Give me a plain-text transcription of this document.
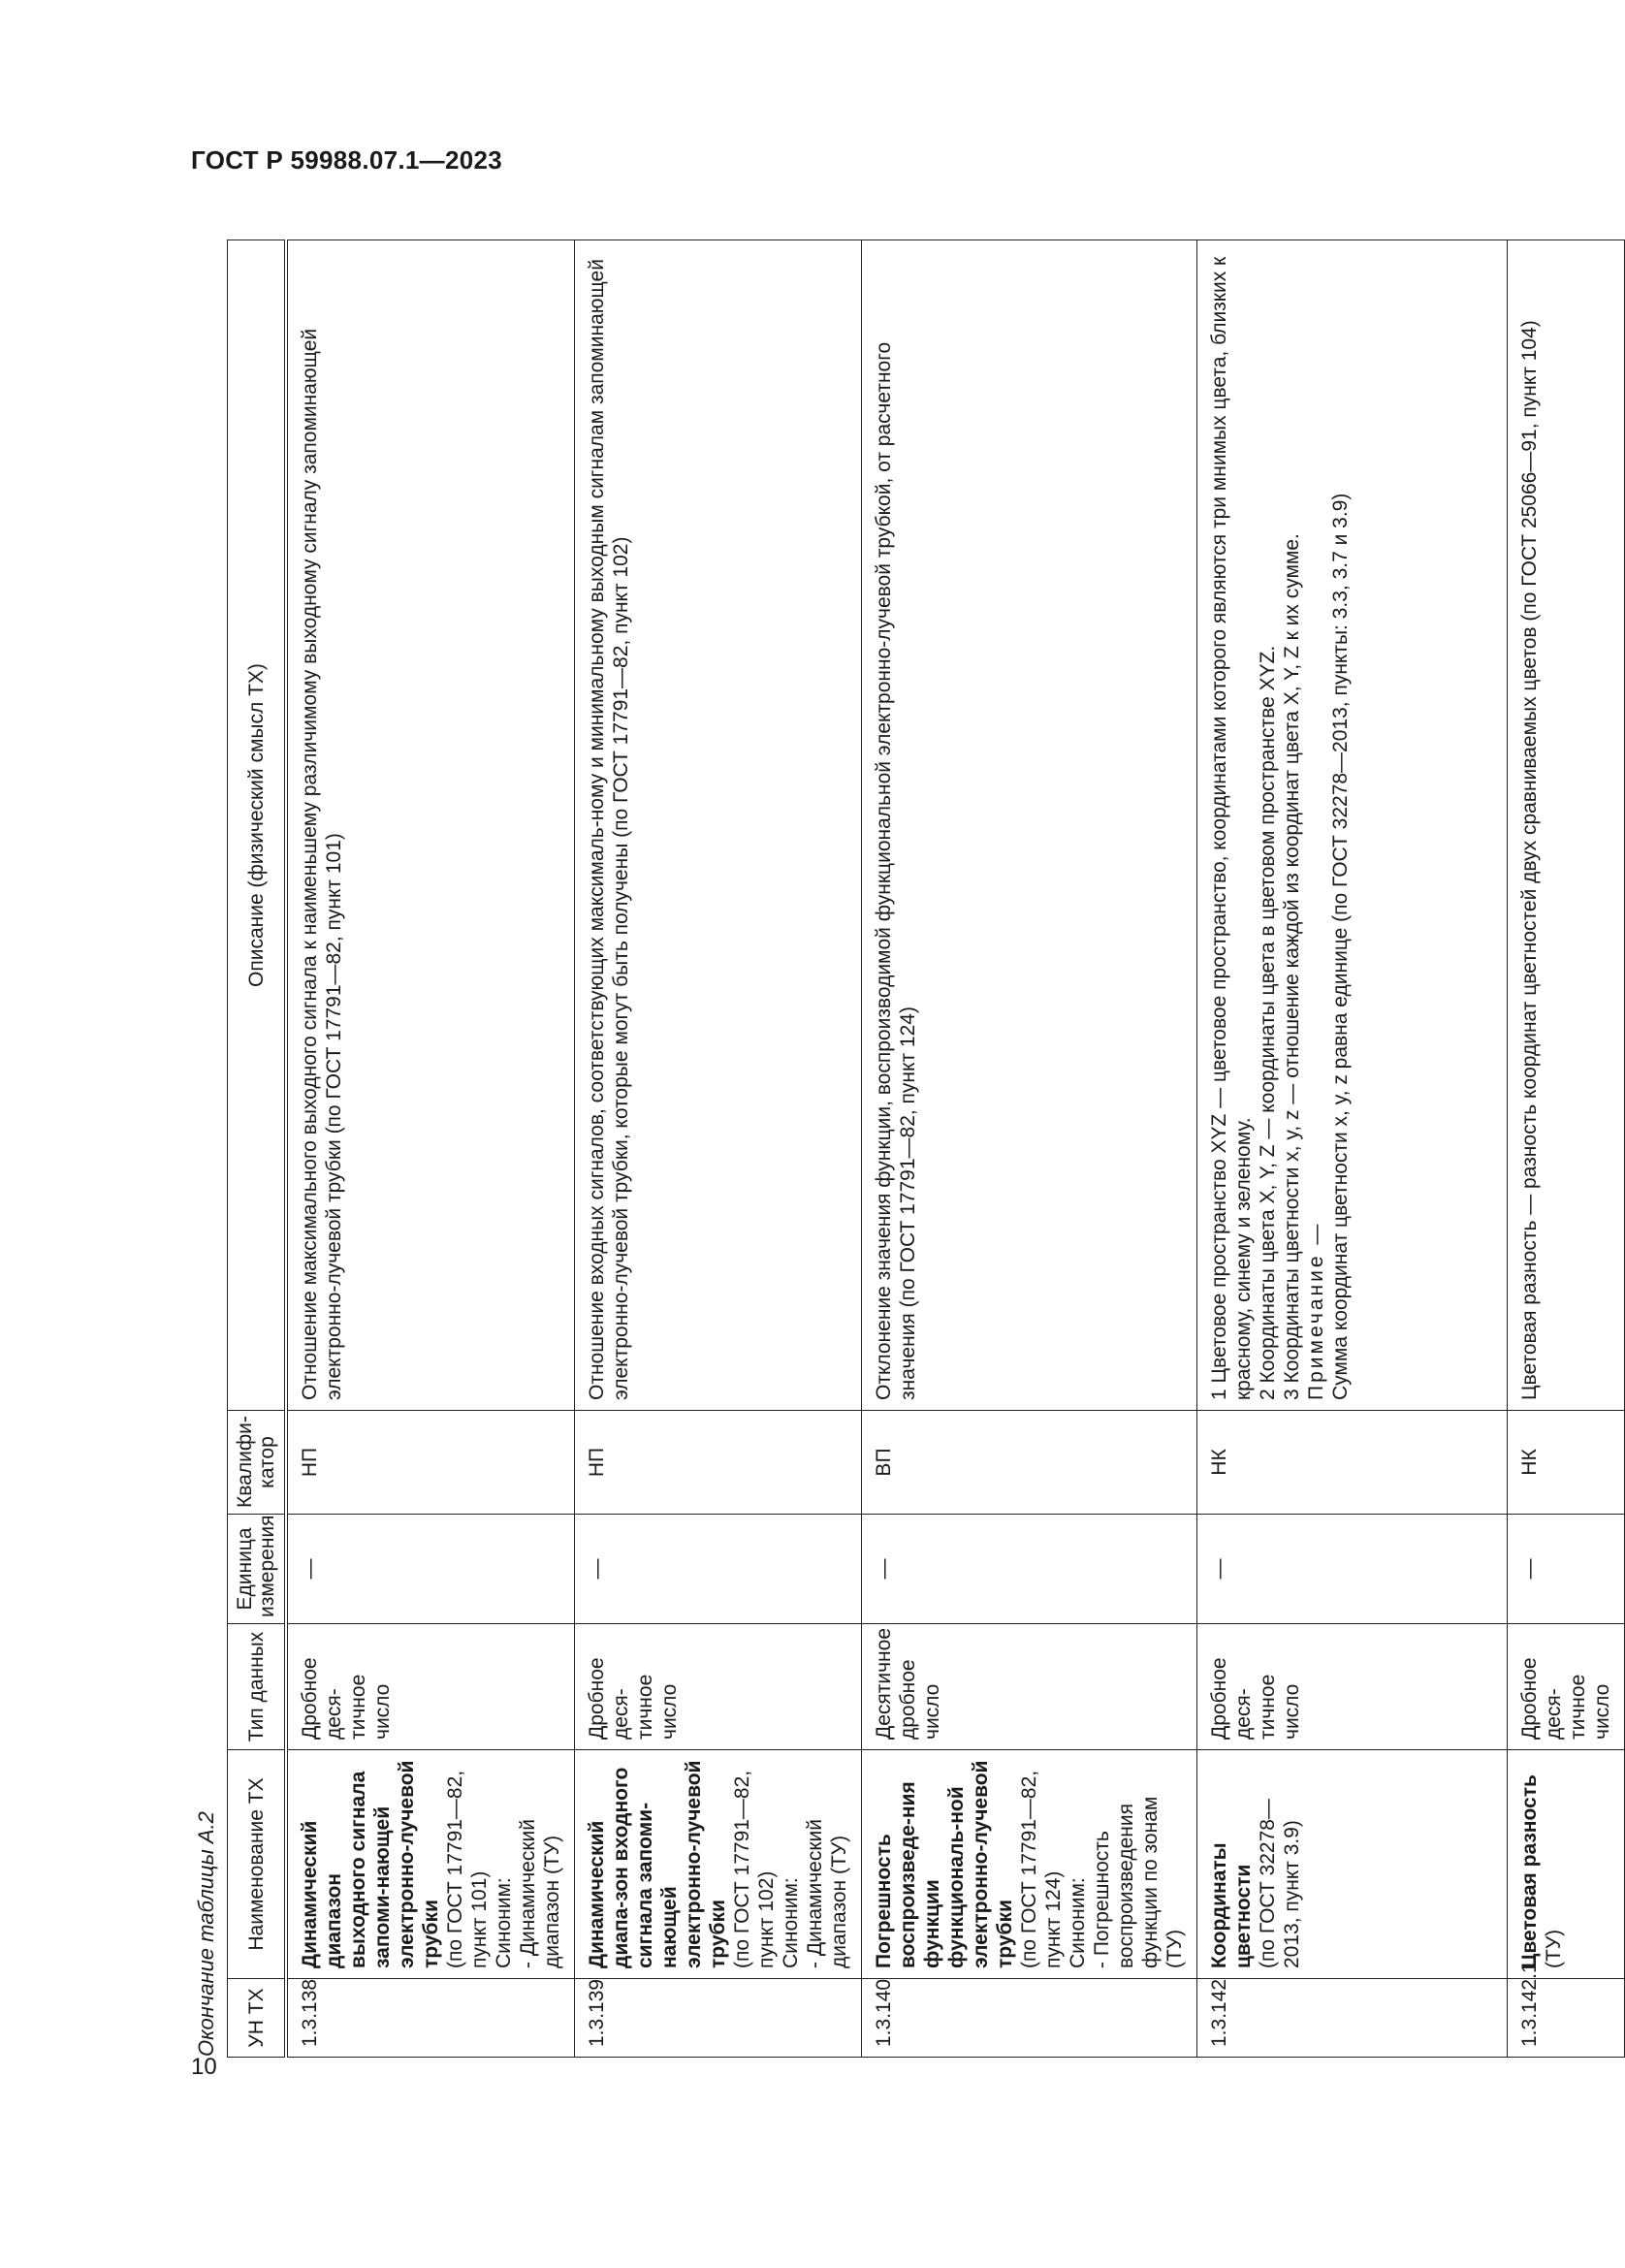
ГОСТ Р 59988.07.1—2023
10
Окончание таблицы А.2	УН ТХ	Наименование ТХ	Тип данных	Единица измерения	Квалифи-катор	Описание (физический смысл ТХ)
1.3.138	Динамический диапазон выходного сигнала запоми-нающей электронно-лучевой трубки (по ГОСТ 17791—82, пункт 101) Синоним: - Динамический диапазон (ТУ)	Дробное деся-тичное число	—	НП	Отношение максимального выходного сигнала к наименьшему различимому выходному сигналу запоминающей электронно-лучевой трубки (по ГОСТ 17791—82, пункт 101)
1.3.139	Динамический диапа-зон входного сигнала запоми-нающей электронно-лучевой трубки (по ГОСТ 17791—82, пункт 102) Синоним: - Динамический диапазон (ТУ)	Дробное деся-тичное число	—	НП	Отношение входных сигналов, соответствующих максималь-ному и минимальному выходным сигналам запоминающей электронно-лучевой трубки, которые могут быть получены (по ГОСТ 17791—82, пункт 102)
1.3.140	Погрешность воспроизведе-ния функции функциональ-ной электронно-лучевой трубки (по ГОСТ 17791—82, пункт 124) Синоним: - Погрешность воспроизведения функции по зонам (ТУ)	Десятичное дробное число	—	ВП	Отклонение значения функции, воспроизводимой функциональной электронно-лучевой трубкой, от расчетного значения (по ГОСТ 17791—82, пункт 124)
1.3.142	Координаты цветности (по ГОСТ 32278—2013, пункт 3.9)	Дробное деся-тичное число	—	НК	1 Цветовое пространство XYZ — цветовое пространство, координатами которого являются три мнимых цвета, близких к красному, синему и зеленому. 2 Координаты цвета X, Y, Z — координаты цвета в цветовом пространстве XYZ. 3 Координаты цветности x, y, z — отношение каждой из координат цвета X, Y, Z к их сумме. Примечание — Сумма координат цветности x, y, z равна единице (по ГОСТ 32278—2013, пункты: 3.3, 3.7 и 3.9)

1.3.142.1	Цветовая разность (ТУ)	Дробное деся-тичное число	—	НК	Цветовая разность — разность координат цветностей двух сравниваемых цветов (по ГОСТ 25066—91, пункт 104)
